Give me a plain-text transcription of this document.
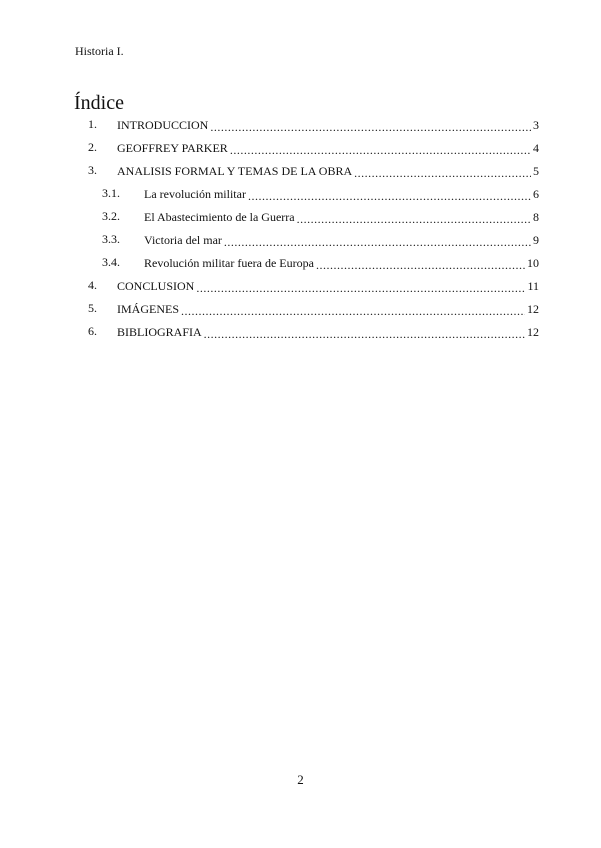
Historia I.
Índice
1. INTRODUCCION .....	3
2. GEOFFREY PARKER .....	4
3. ANALISIS FORMAL Y TEMAS DE LA OBRA .....	5
3.1. La revolución militar .....	6
3.2. El Abastecimiento de la Guerra .....	8
3.3. Victoria del mar .....	9
3.4. Revolución militar fuera de Europa .....	10
4. CONCLUSION .....	11
5. IMÁGENES .....	12
6. BIBLIOGRAFIA .....	12
2
